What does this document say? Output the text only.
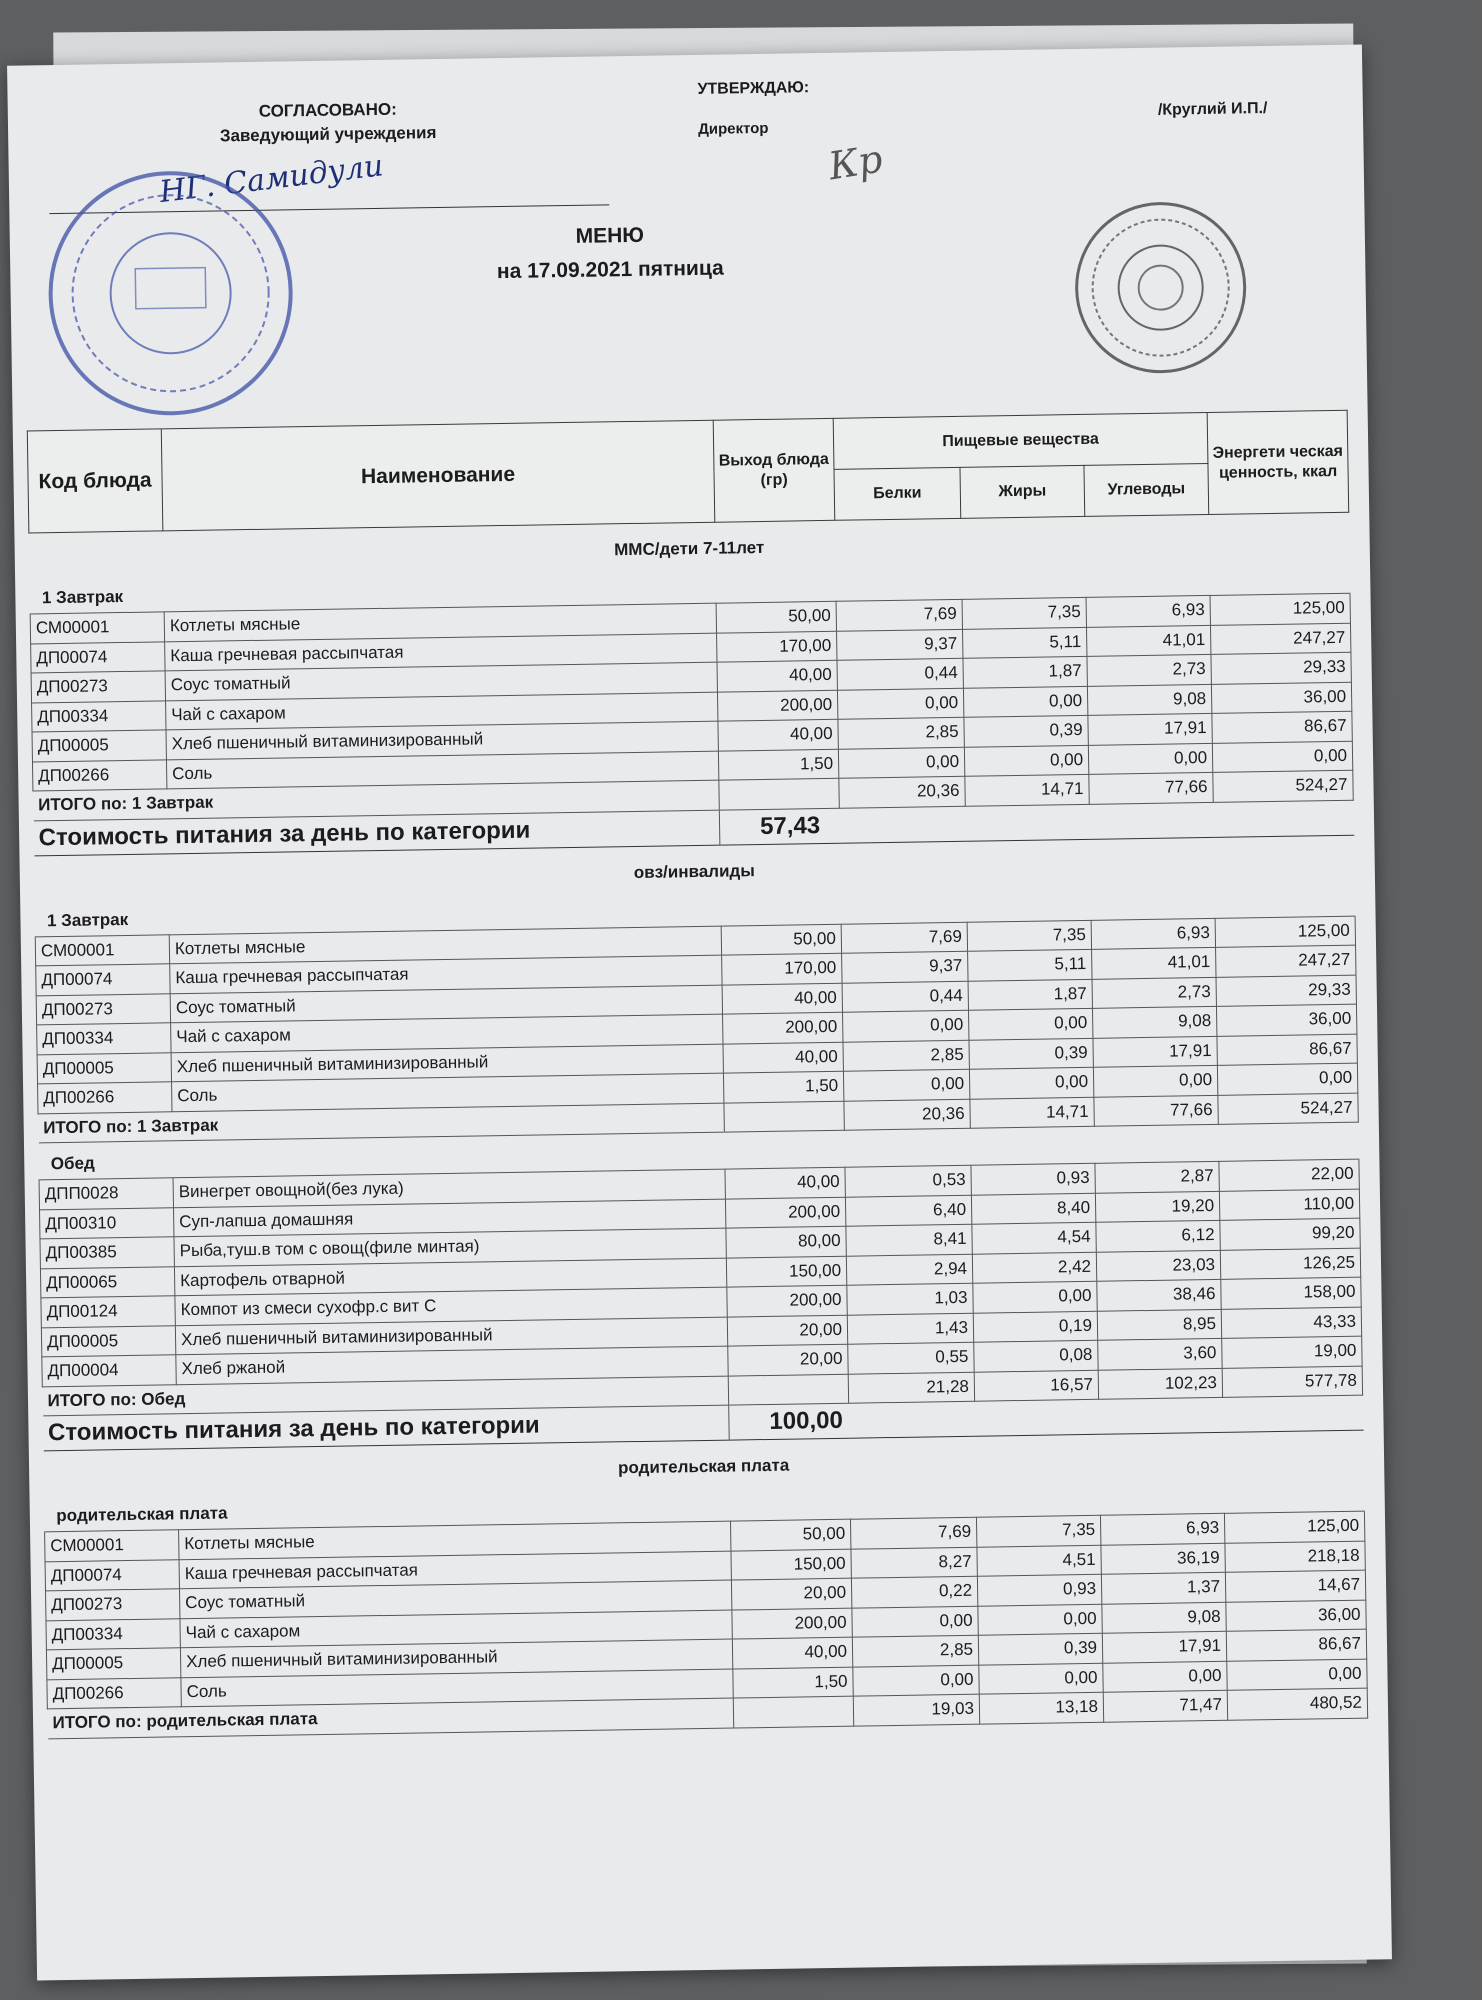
СОГЛАСОВАНО:
Заведующий учреждения
УТВЕРЖДАЮ:
Директор
/Круглий И.П./
НГ. Самидули	Кр
МЕНЮ
на 17.09.2021 пятница
Код блюда	Наименование	Выход блюда (гр)	Пищевые вещества			Энергети ческая ценность, ккал
			Белки	Жиры	Углеводы	
ММС/дети 7-11лет						
1 Завтрак						
СМ00001	Котлеты мясные	50,00	7,69	7,35	6,93	125,00
ДП00074	Каша гречневая рассыпчатая	170,00	9,37	5,11	41,01	247,27
ДП00273	Соус томатный	40,00	0,44	1,87	2,73	29,33
ДП00334	Чай с сахаром	200,00	0,00	0,00	9,08	36,00
ДП00005	Хлеб пшеничный витаминизированный	40,00	2,85	0,39	17,91	86,67
ДП00266	Соль	1,50	0,00	0,00	0,00	0,00
ИТОГО по: 1 Завтрак			20,36	14,71	77,66	524,27
Стоимость питания за день по категории		57,43				
овз/инвалиды						
1 Завтрак						
СМ00001	Котлеты мясные	50,00	7,69	7,35	6,93	125,00
ДП00074	Каша гречневая рассыпчатая	170,00	9,37	5,11	41,01	247,27
ДП00273	Соус томатный	40,00	0,44	1,87	2,73	29,33
ДП00334	Чай с сахаром	200,00	0,00	0,00	9,08	36,00
ДП00005	Хлеб пшеничный витаминизированный	40,00	2,85	0,39	17,91	86,67
ДП00266	Соль	1,50	0,00	0,00	0,00	0,00
ИТОГО по: 1 Завтрак			20,36	14,71	77,66	524,27
Обед						
ДПП0028	Винегрет овощной(без лука)	40,00	0,53	0,93	2,87	22,00
ДП00310	Суп-лапша домашняя	200,00	6,40	8,40	19,20	110,00
ДП00385	Рыба,туш.в том с овощ(филе минтая)	80,00	8,41	4,54	6,12	99,20
ДП00065	Картофель отварной	150,00	2,94	2,42	23,03	126,25
ДП00124	Компот из смеси сухофр.с вит С	200,00	1,03	0,00	38,46	158,00
ДП00005	Хлеб пшеничный витаминизированный	20,00	1,43	0,19	8,95	43,33
ДП00004	Хлеб ржаной	20,00	0,55	0,08	3,60	19,00
ИТОГО по: Обед			21,28	16,57	102,23	577,78
Стоимость питания за день по категории		100,00				
родительская плата						
родительская плата						
СМ00001	Котлеты мясные	50,00	7,69	7,35	6,93	125,00
ДП00074	Каша гречневая рассыпчатая	150,00	8,27	4,51	36,19	218,18
ДП00273	Соус томатный	20,00	0,22	0,93	1,37	14,67
ДП00334	Чай с сахаром	200,00	0,00	0,00	9,08	36,00
ДП00005	Хлеб пшеничный витаминизированный	40,00	2,85	0,39	17,91	86,67
ДП00266	Соль	1,50	0,00	0,00	0,00	0,00
ИТОГО по: родительская плата			19,03	13,18	71,47	480,52
